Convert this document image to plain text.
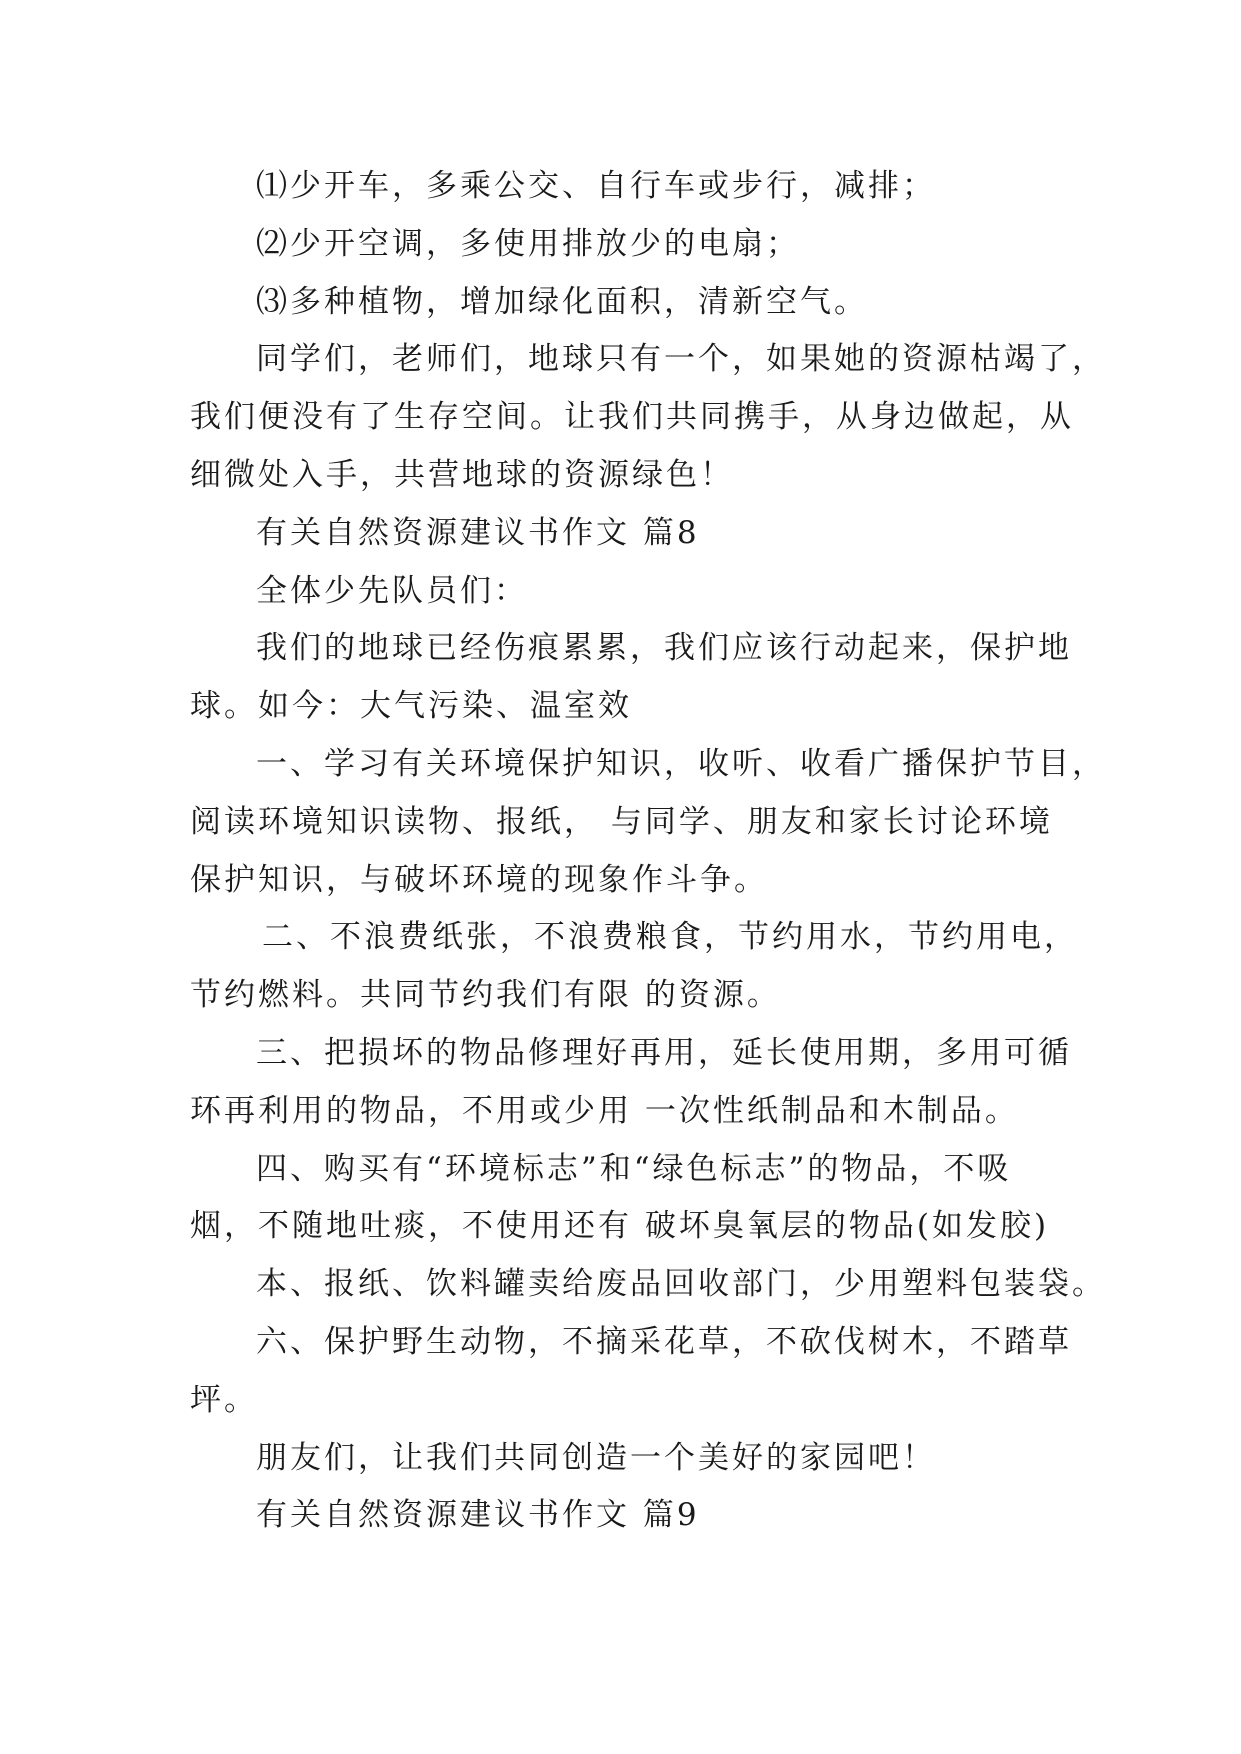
⑴少开车，多乘公交、自行车或步行，减排；
⑵少开空调，多使用排放少的电扇；
⑶多种植物，增加绿化面积，清新空气。
同学们，老师们，地球只有一个，如果她的资源枯竭了，
我们便没有了生存空间。让我们共同携手，从身边做起，从
细微处入手，共营地球的资源绿色！
有关自然资源建议书作文 篇8
全体少先队员们：
我们的地球已经伤痕累累，我们应该行动起来，保护地
球。如今：大气污染、温室效
一、学习有关环境保护知识，收听、收看广播保护节目，
阅读环境知识读物、报纸， 与同学、朋友和家长讨论环境
保护知识，与破坏环境的现象作斗争。
二、不浪费纸张，不浪费粮食，节约用水，节约用电，
节约燃料。共同节约我们有限 的资源。
三、把损坏的物品修理好再用，延长使用期，多用可循
环再利用的物品，不用或少用 一次性纸制品和木制品。
四、购买有“环境标志”和“绿色标志”的物品，不吸
烟，不随地吐痰，不使用还有 破坏臭氧层的物品(如发胶)
本、报纸、饮料罐卖给废品回收部门，少用塑料包装袋。
六、保护野生动物，不摘采花草，不砍伐树木，不踏草
坪。
朋友们，让我们共同创造一个美好的家园吧！
有关自然资源建议书作文 篇9
